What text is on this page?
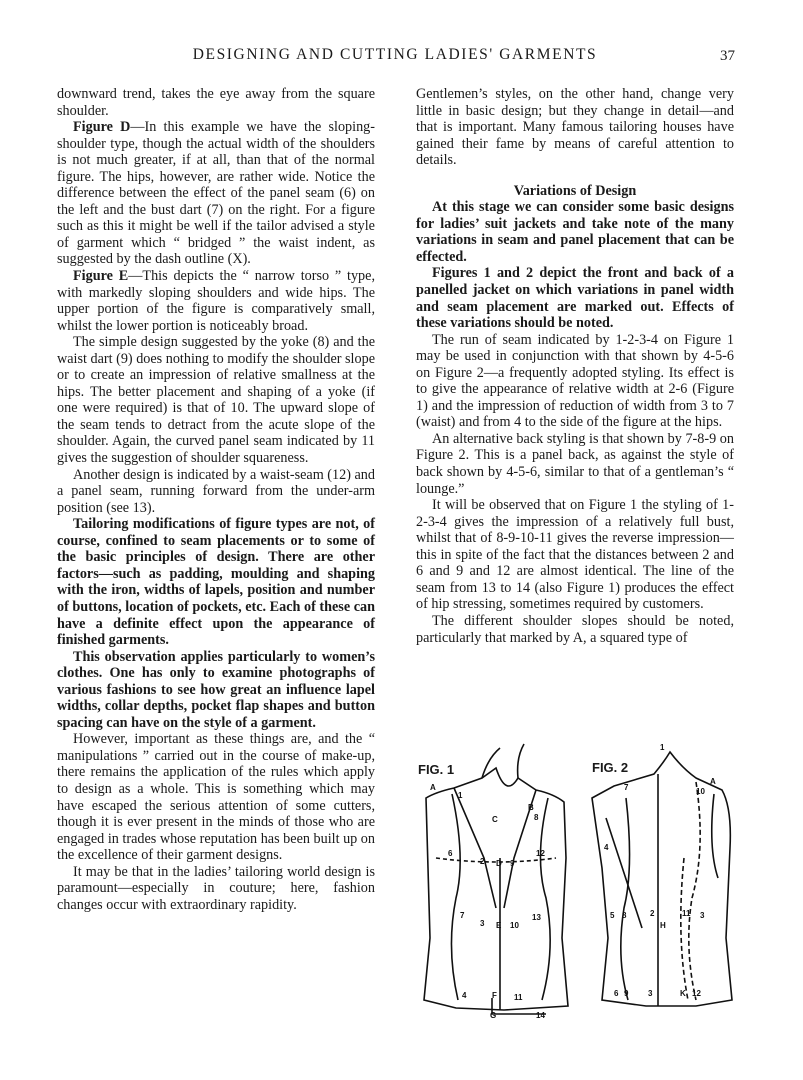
DESIGNING AND CUTTING LADIES' GARMENTS	37

downward trend, takes the eye away from the square shoulder.

Figure D—In this example we have the sloping-shoulder type, though the actual width of the shoulders is not much greater, if at all, than that of the normal figure. The hips, however, are rather wide. Notice the difference between the effect of the panel seam (6) on the left and the bust dart (7) on the right. For a figure such as this it might be well if the tailor advised a style of garment which “ bridged ” the waist indent, as suggested by the dash outline (X).

Figure E—This depicts the “ narrow torso ” type, with markedly sloping shoulders and wide hips. The upper portion of the figure is comparatively small, whilst the lower portion is noticeably broad.

The simple design suggested by the yoke (8) and the waist dart (9) does nothing to modify the shoulder slope or to create an impression of relative smallness at the hips. The better placement and shaping of a yoke (if one were required) is that of 10. The upward slope of the seam tends to detract from the acute slope of the shoulder. Again, the curved panel seam indicated by 11 gives the suggestion of shoulder squareness.

Another design is indicated by a waist-seam (12) and a panel seam, running forward from the under-arm position (see 13).

Tailoring modifications of figure types are not, of course, confined to seam placements or to some of the basic principles of design. There are other factors—such as padding, moulding and shaping with the iron, widths of lapels, position and number of buttons, location of pockets, etc. Each of these can have a definite effect upon the appearance of finished garments.

This observation applies particularly to women’s clothes. One has only to examine photographs of various fashions to see how great an influence lapel widths, collar depths, pocket flap shapes and button spacing can have on the style of a garment.

However, important as these things are, and the “ manipulations ” carried out in the course of make-up, there remains the application of the rules which apply to design as a whole. This is something which may have escaped the serious attention of some cutters, though it is ever present in the minds of those who are engaged in trades whose reputation has been built up on the excellence of their garment designs.

It may be that in the ladies’ tailoring world design is paramount—especially in couture; here, fashion changes occur with extraordinary rapidity.

Gentlemen’s styles, on the other hand, change very little in basic design; but they change in detail—and that is important. Many famous tailoring houses have gained their fame by means of careful attention to details.

Variations of Design

At this stage we can consider some basic designs for ladies’ suit jackets and take note of the many variations in seam and panel placement that can be effected.

Figures 1 and 2 depict the front and back of a panelled jacket on which variations in panel width and seam placement are marked out. Effects of these variations should be noted.

The run of seam indicated by 1-2-3-4 on Figure 1 may be used in conjunction with that shown by 4-5-6 on Figure 2—a frequently adopted styling. Its effect is to give the appearance of relative width at 2-6 (Figure 1) and the impression of reduction of width from 3 to 7 (waist) and from 4 to the side of the figure at the hips.

An alternative back styling is that shown by 7-8-9 on Figure 2. This is a panel back, as against the style of back shown by 4-5-6, similar to that of a gentleman’s “ lounge.”

It will be observed that on Figure 1 the styling of 1-2-3-4 gives the impression of a relatively full bust, whilst that of 8-9-10-11 gives the reverse impression—this in spite of the fact that the distances between 2 and 6 and 9 and 12 are almost identical. The line of the seam from 13 to 14 (also Figure 1) produces the effect of hip stressing, sometimes required by customers.

The different shoulder slopes should be noted, particularly that marked by A, a squared type of

FIG. 1	FIG. 2
A
1
B
8
C
6
2 D 9
12
7
3 E 10
13
4	F 11
G	14
1
7
A
10
4
5 8	2
H
11 3
6 9 3	K 12
